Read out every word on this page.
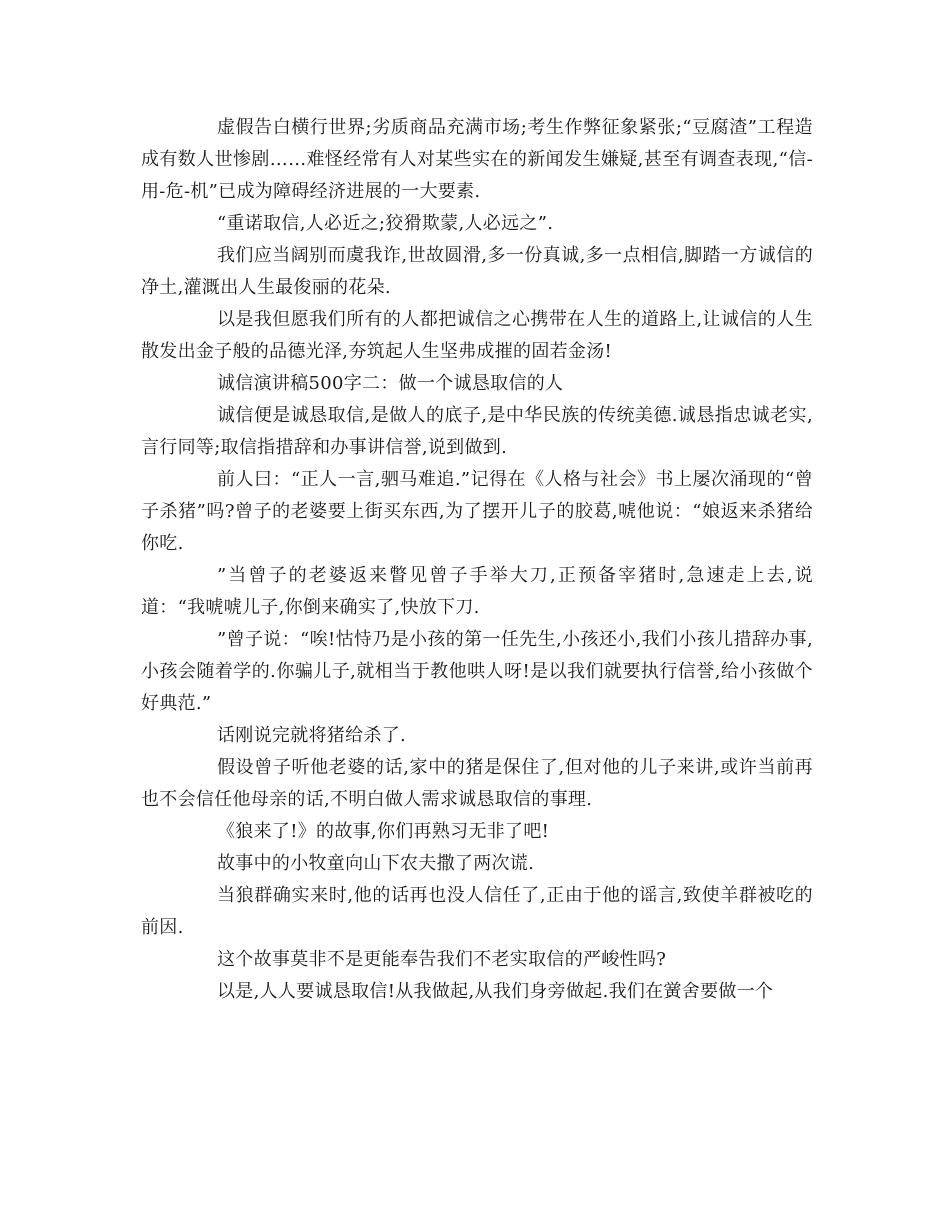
虚假告白横行世界;劣质商品充满市场;考生作弊征象紧张;“豆腐渣”工程造成有数人世惨剧……难怪经常有人对某些实在的新闻发生嫌疑,甚至有调查表现,“信-用-危-机”已成为障碍经济进展的一大要素.

“重诺取信,人必近之;狡猾欺蒙,人必远之”.

我们应当阔别而虞我诈,世故圆滑,多一份真诚,多一点相信,脚踏一方诚信的净土,灌溉出人生最俊丽的花朵.

以是我但愿我们所有的人都把诚信之心携带在人生的道路上,让诚信的人生散发出金子般的品德光泽,夯筑起人生坚弗成摧的固若金汤!

诚信演讲稿500字二：做一个诚恳取信的人

诚信便是诚恳取信,是做人的底子,是中华民族的传统美德.诚恳指忠诚老实,言行同等;取信指措辞和办事讲信誉,说到做到.

前人曰：“正人一言,驷马难追.”记得在《人格与社会》书上屡次涌现的“曾子杀猪”吗?曾子的老婆要上街买东西,为了摆开儿子的胶葛,唬他说：“娘返来杀猪给你吃.

”当曾子的老婆返来瞥见曾子手举大刀,正预备宰猪时,急速走上去,说道：“我唬唬儿子,你倒来确实了,快放下刀.

”曾子说：“唉!怙恃乃是小孩的第一任先生,小孩还小,我们小孩儿措辞办事,小孩会随着学的.你骗儿子,就相当于教他哄人呀!是以我们就要执行信誉,给小孩做个好典范.”

话刚说完就将猪给杀了.

假设曾子听他老婆的话,家中的猪是保住了,但对他的儿子来讲,或许当前再也不会信任他母亲的话,不明白做人需求诚恳取信的事理.

《狼来了!》的故事,你们再熟习无非了吧!

故事中的小牧童向山下农夫撒了两次谎.

当狼群确实来时,他的话再也没人信任了,正由于他的谣言,致使羊群被吃的前因.

这个故事莫非不是更能奉告我们不老实取信的严峻性吗?

以是,人人要诚恳取信!从我做起,从我们身旁做起.我们在黉舍要做一个
